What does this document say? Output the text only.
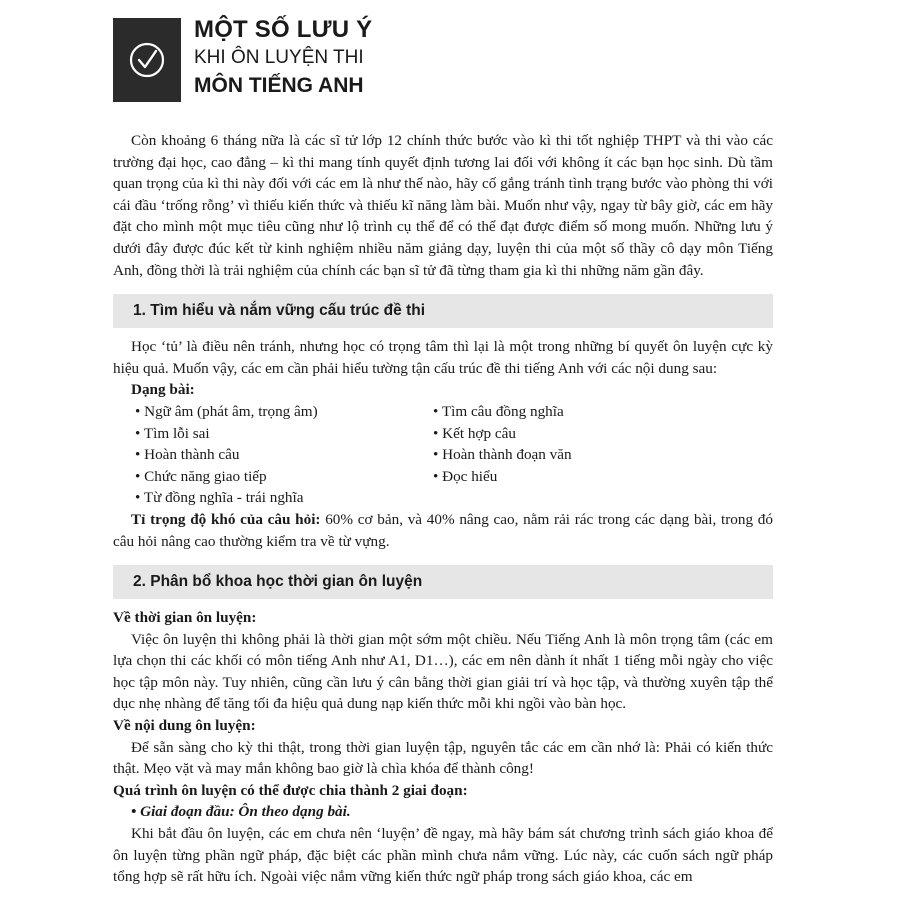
MỘT SỐ LƯU Ý
KHI ÔN LUYỆN THI
MÔN TIẾNG ANH

Còn khoảng 6 tháng nữa là các sĩ tử lớp 12 chính thức bước vào kì thi tốt nghiệp THPT và thi vào các trường đại học, cao đẳng – kì thi mang tính quyết định tương lai đối với không ít các bạn học sinh. Dù tầm quan trọng của kì thi này đối với các em là như thế nào, hãy cố gắng tránh tình trạng bước vào phòng thi với cái đầu ‘trống rỗng’ vì thiếu kiến thức và thiếu kĩ năng làm bài. Muốn như vậy, ngay từ bây giờ, các em hãy đặt cho mình một mục tiêu cũng như lộ trình cụ thể để có thể đạt được điểm số mong muốn. Những lưu ý dưới đây được đúc kết từ kinh nghiệm nhiều năm giảng dạy, luyện thi của một số thầy cô dạy môn Tiếng Anh, đồng thời là trải nghiệm của chính các bạn sĩ tử đã từng tham gia kì thi những năm gần đây.

1. Tìm hiểu và nắm vững cấu trúc đề thi

Học ‘tủ’ là điều nên tránh, nhưng học có trọng tâm thì lại là một trong những bí quyết ôn luyện cực kỳ hiệu quả. Muốn vậy, các em cần phải hiểu tường tận cấu trúc đề thi tiếng Anh với các nội dung sau:

Dạng bài:
• Ngữ âm (phát âm, trọng âm)	• Tìm câu đồng nghĩa
• Tìm lỗi sai	• Kết hợp câu
• Hoàn thành câu	• Hoàn thành đoạn văn
• Chức năng giao tiếp	• Đọc hiểu
• Từ đồng nghĩa - trái nghĩa

Tỉ trọng độ khó của câu hỏi: 60% cơ bản, và 40% nâng cao, nằm rải rác trong các dạng bài, trong đó câu hỏi nâng cao thường kiểm tra về từ vựng.

2. Phân bổ khoa học thời gian ôn luyện
Về thời gian ôn luyện:

Việc ôn luyện thi không phải là thời gian một sớm một chiều. Nếu Tiếng Anh là môn trọng tâm (các em lựa chọn thi các khối có môn tiếng Anh như A1, D1…), các em nên dành ít nhất 1 tiếng mỗi ngày cho việc học tập môn này. Tuy nhiên, cũng cần lưu ý cân bằng thời gian giải trí và học tập, và thường xuyên tập thể dục nhẹ nhàng để tăng tối đa hiệu quả dung nạp kiến thức mỗi khi ngồi vào bàn học.

Về nội dung ôn luyện:

Để sẵn sàng cho kỳ thi thật, trong thời gian luyện tập, nguyên tắc các em cần nhớ là: Phải có kiến thức thật. Mẹo vặt và may mắn không bao giờ là chìa khóa để thành công!

Quá trình ôn luyện có thể được chia thành 2 giai đoạn:
• Giai đoạn đầu: Ôn theo dạng bài.

Khi bắt đầu ôn luyện, các em chưa nên ‘luyện’ đề ngay, mà hãy bám sát chương trình sách giáo khoa để ôn luyện từng phần ngữ pháp, đặc biệt các phần mình chưa nắm vững. Lúc này, các cuốn sách ngữ pháp tổng hợp sẽ rất hữu ích. Ngoài việc nắm vững kiến thức ngữ pháp trong sách giáo khoa, các em
